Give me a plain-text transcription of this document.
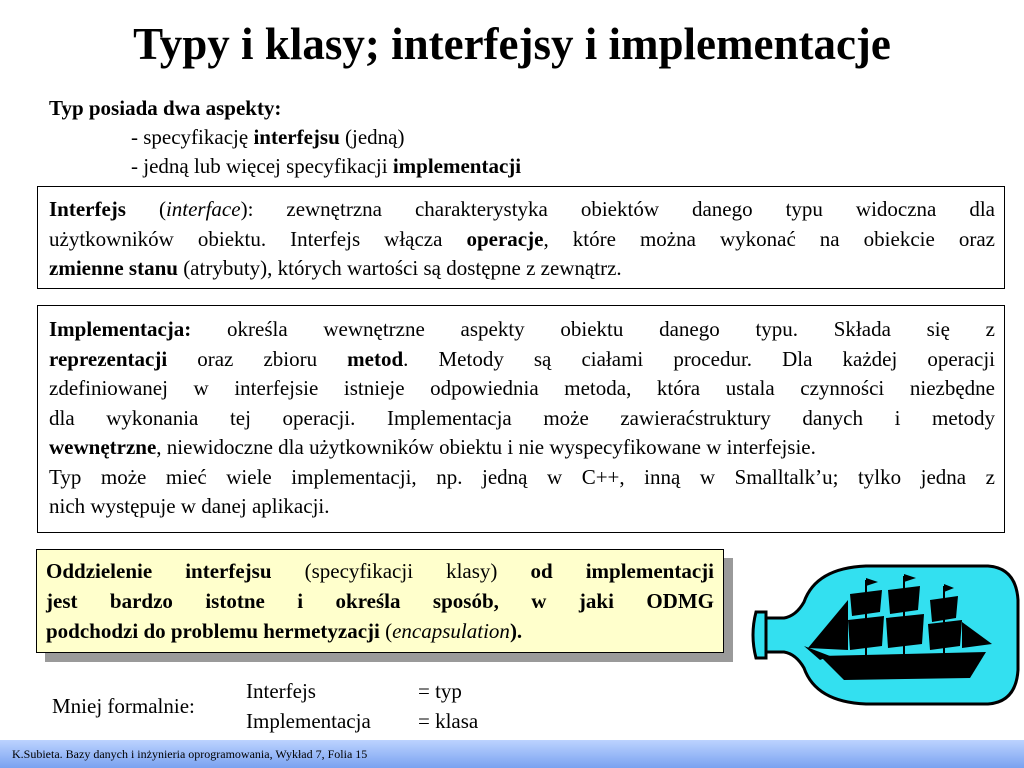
Typy i klasy; interfejsy i implementacje
Typ posiada dwa aspekty:
- specyfikację interfejsu (jedną)
- jedną lub więcej specyfikacji implementacji
Interfejs (interface): zewnętrzna charakterystyka obiektów danego typu widoczna dla
użytkowników obiektu. Interfejs włącza operacje, które można wykonać na obiekcie oraz
zmienne stanu (atrybuty), których wartości są dostępne z zewnątrz.
Implementacja: określa wewnętrzne aspekty obiektu danego typu. Składa się z
reprezentacji oraz zbioru metod. Metody są ciałami procedur. Dla każdej operacji
zdefiniowanej w interfejsie istnieje odpowiednia metoda, która ustala czynności niezbędne
dla wykonania tej operacji. Implementacja może zawieraćstruktury danych i metody
wewnętrzne, niewidoczne dla użytkowników obiektu i nie wyspecyfikowane w interfejsie.
Typ może mieć wiele implementacji, np. jedną w C++, inną w Smalltalk’u; tylko jedna z
nich występuje w danej aplikacji.
Oddzielenie interfejsu (specyfikacji klasy) od implementacji
jest bardzo istotne i określa sposób, w jaki ODMG
podchodzi do problemu hermetyzacji (encapsulation).
Mniej formalnie:
Interfejs	= typ
Implementacja	= klasa
K.Subieta. Bazy danych i inżynieria oprogramowania, Wykład 7, Folia 15
